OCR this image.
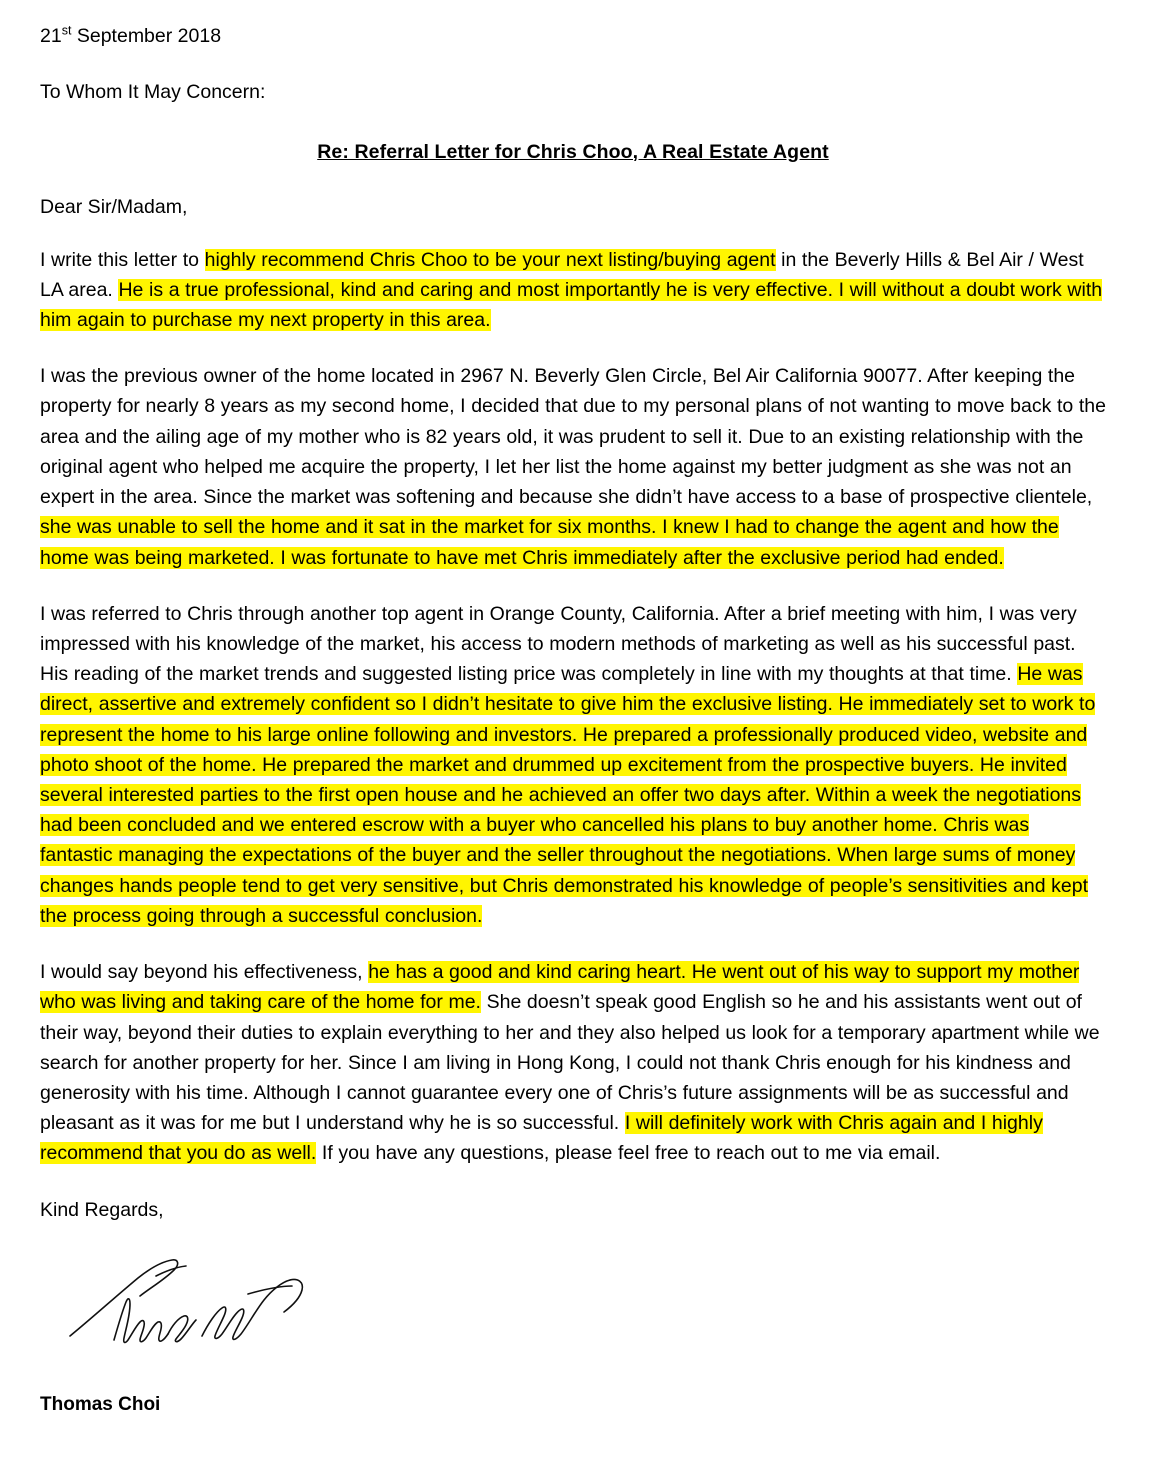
21st September 2018
To Whom It May Concern:
Re: Referral Letter for Chris Choo, A Real Estate Agent
Dear Sir/Madam,

I write this letter to highly recommend Chris Choo to be your next listing/buying agent in the Beverly Hills & Bel Air / West LA area. He is a true professional, kind and caring and most importantly he is very effective. I will without a doubt work with him again to purchase my next property in this area.

I was the previous owner of the home located in 2967 N. Beverly Glen Circle, Bel Air California 90077. After keeping the property for nearly 8 years as my second home, I decided that due to my personal plans of not wanting to move back to the area and the ailing age of my mother who is 82 years old, it was prudent to sell it. Due to an existing relationship with the original agent who helped me acquire the property, I let her list the home against my better judgment as she was not an expert in the area. Since the market was softening and because she didn’t have access to a base of prospective clientele, she was unable to sell the home and it sat in the market for six months. I knew I had to change the agent and how the home was being marketed. I was fortunate to have met Chris immediately after the exclusive period had ended.

I was referred to Chris through another top agent in Orange County, California. After a brief meeting with him, I was very impressed with his knowledge of the market, his access to modern methods of marketing as well as his successful past. His reading of the market trends and suggested listing price was completely in line with my thoughts at that time. He was direct, assertive and extremely confident so I didn’t hesitate to give him the exclusive listing. He immediately set to work to represent the home to his large online following and investors. He prepared a professionally produced video, website and photo shoot of the home. He prepared the market and drummed up excitement from the prospective buyers. He invited several interested parties to the first open house and he achieved an offer two days after. Within a week the negotiations had been concluded and we entered escrow with a buyer who cancelled his plans to buy another home. Chris was fantastic managing the expectations of the buyer and the seller throughout the negotiations. When large sums of money changes hands people tend to get very sensitive, but Chris demonstrated his knowledge of people’s sensitivities and kept the process going through a successful conclusion.

I would say beyond his effectiveness, he has a good and kind caring heart. He went out of his way to support my mother who was living and taking care of the home for me. She doesn’t speak good English so he and his assistants went out of their way, beyond their duties to explain everything to her and they also helped us look for a temporary apartment while we search for another property for her. Since I am living in Hong Kong, I could not thank Chris enough for his kindness and generosity with his time. Although I cannot guarantee every one of Chris’s future assignments will be as successful and pleasant as it was for me but I understand why he is so successful. I will definitely work with Chris again and I highly recommend that you do as well. If you have any questions, please feel free to reach out to me via email.

Kind Regards,
Thomas Choi
